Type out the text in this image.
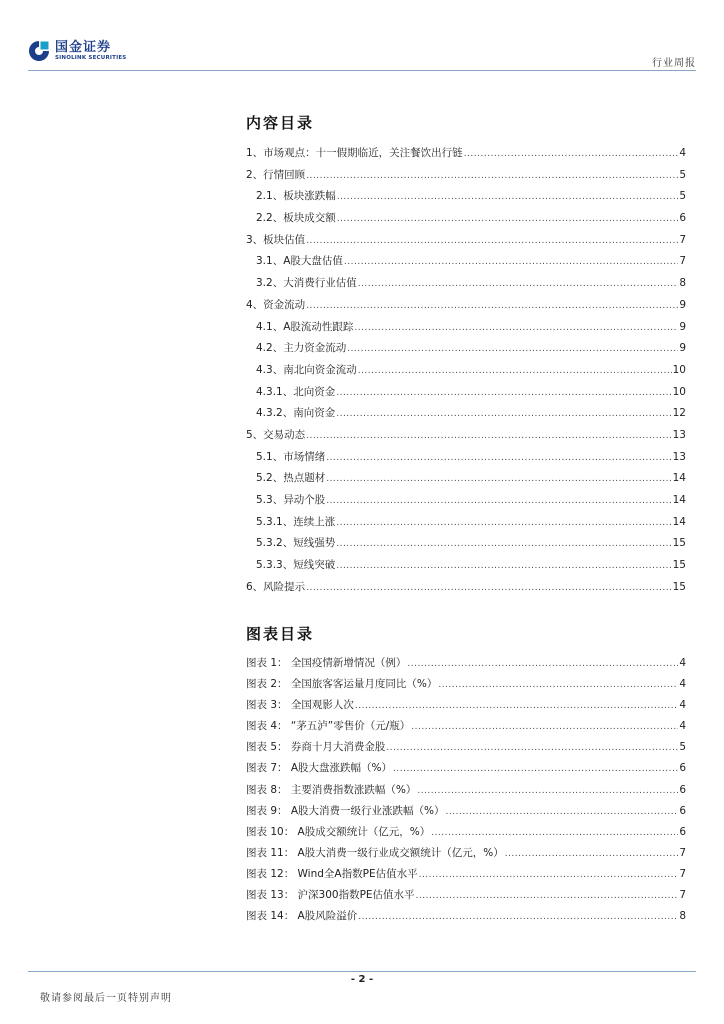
国金证券
SINOLINK SECURITIES
行业周报
内容目录
1、市场观点：十一假期临近，关注餐饮出行链 .....	4
2、行情回顾 .....	5
2.1、板块涨跌幅 .....	5
2.2、板块成交额 .....	6
3、板块估值 .....	7
3.1、A股大盘估值 .....	7
3.2、大消费行业估值 .....	8
4、资金流动 .....	9
4.1、A股流动性跟踪 .....	9
4.2、主力资金流动 .....	9
4.3、南北向资金流动 .....	10
4.3.1、北向资金 .....	10
4.3.2、南向资金 .....	12
5、交易动态 .....	13
5.1、市场情绪 .....	13
5.2、热点题材 .....	14
5.3、异动个股 .....	14
5.3.1、连续上涨 .....	14
5.3.2、短线强势 .....	15
5.3.3、短线突破 .....	15
6、风险提示 .....	15
图表目录
图表 1： 全国疫情新增情况（例） .....	4
图表 2： 全国旅客客运量月度同比（%） .....	4
图表 3： 全国观影人次 .....	4
图表 4： “茅五泸”零售价（元/瓶） .....	4
图表 5： 券商十月大消费金股 .....	5
图表 7： A股大盘涨跌幅（%） .....	6
图表 8： 主要消费指数涨跌幅（%） .....	6
图表 9： A股大消费一级行业涨跌幅（%） .....	6
图表 10： A股成交额统计（亿元，%） .....	6
图表 11： A股大消费一级行业成交额统计（亿元，%） .....	7
图表 12： Wind全A指数PE估值水平 .....	7
图表 13： 沪深300指数PE估值水平 .....	7
图表 14： A股风险溢价 .....	8
- 2 -
敬请参阅最后一页特别声明
